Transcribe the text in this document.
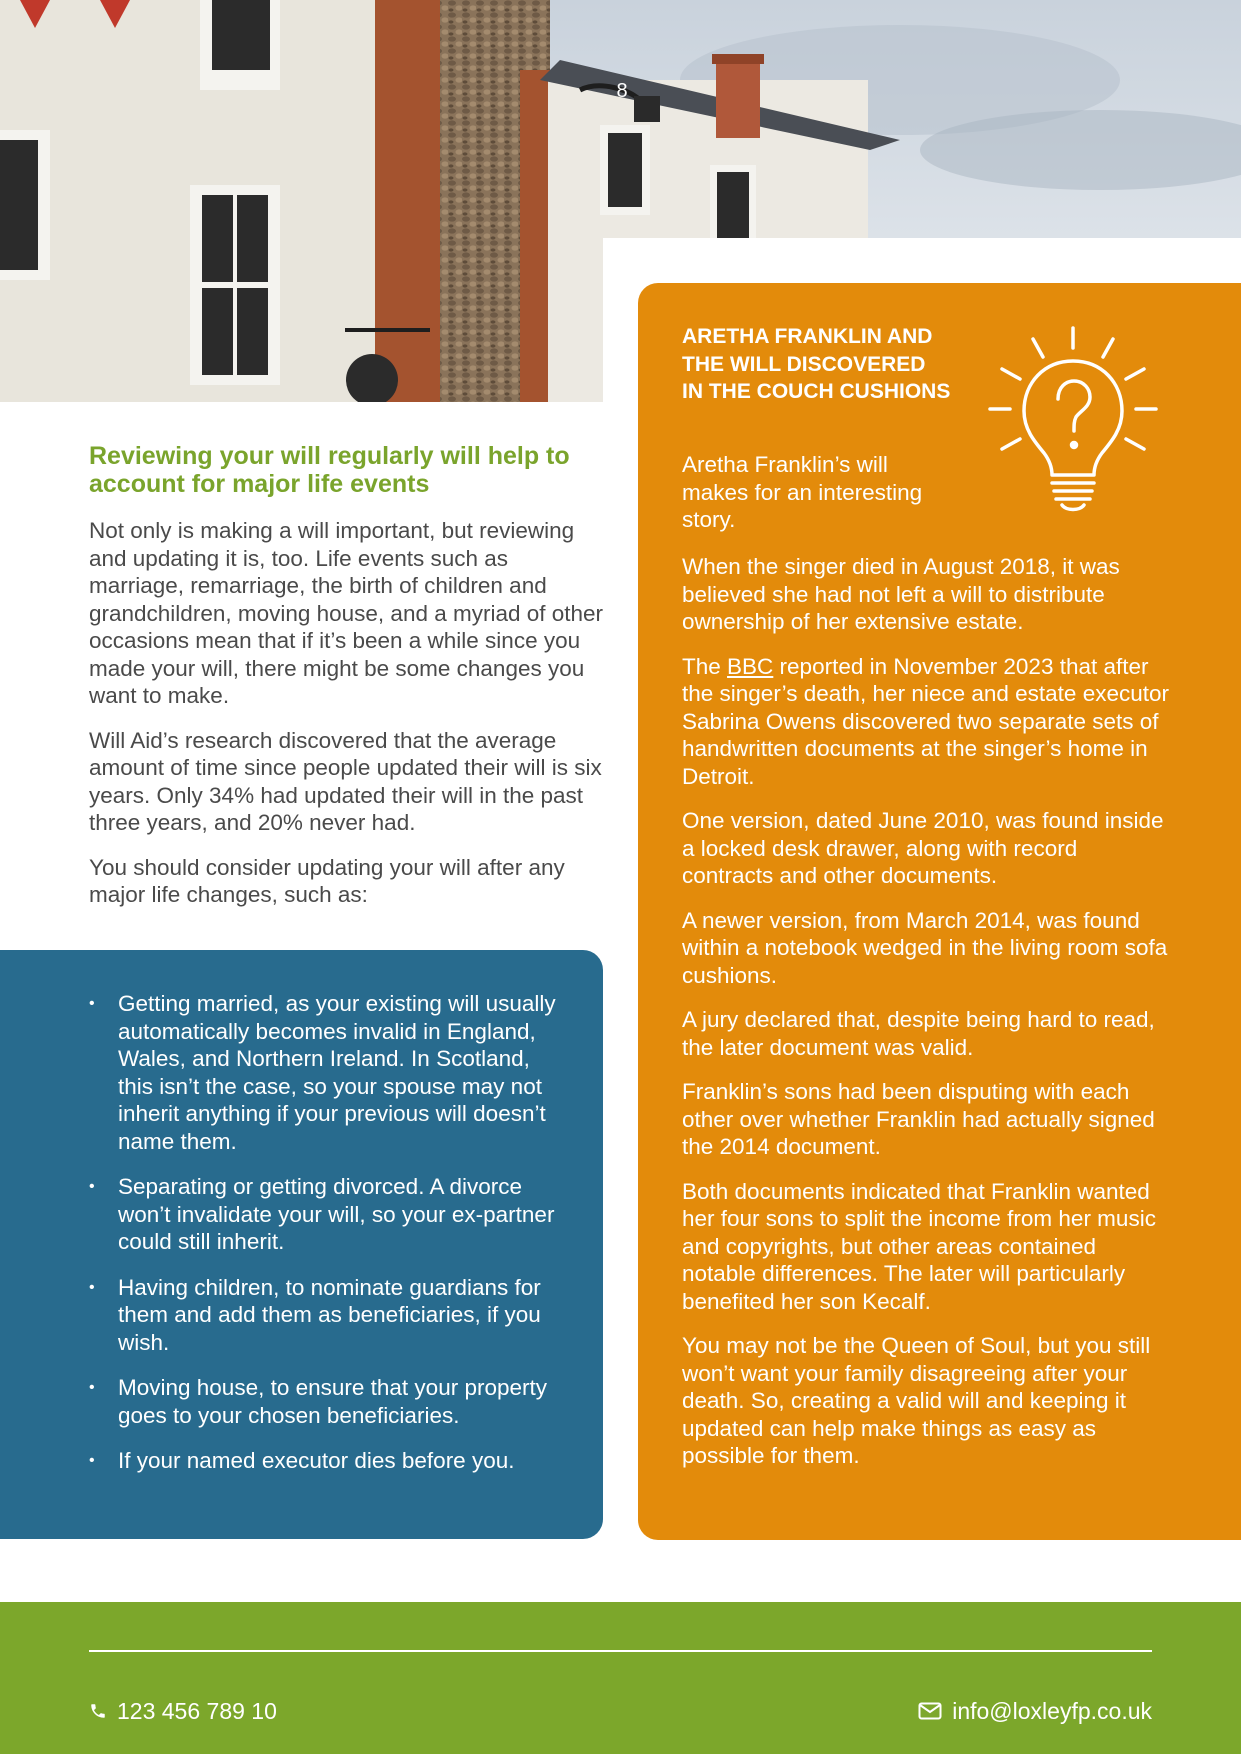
8
Reviewing your will regularly will help to account for major life events

Not only is making a will important, but reviewing and updating it is, too. Life events such as marriage, remarriage, the birth of children and grandchildren, moving house, and a myriad of other occasions mean that if it’s been a while since you made your will, there might be some changes you want to make.

Will Aid’s research discovered that the average amount of time since people updated their will is six years. Only 34% had updated their will in the past three years, and 20% never had.

You should consider updating your will after any major life changes, such as:

• Getting married, as your existing will usually automatically becomes invalid in England, Wales, and Northern Ireland. In Scotland, this isn’t the case, so your spouse may not inherit anything if your previous will doesn’t name them.
• Separating or getting divorced. A divorce won’t invalidate your will, so your ex-partner could still inherit.
• Having children, to nominate guardians for them and add them as beneficiaries, if you wish.
• Moving house, to ensure that your property goes to your chosen beneficiaries.
• If your named executor dies before you.
ARETHA FRANKLIN AND THE WILL DISCOVERED IN THE COUCH CUSHIONS

Aretha Franklin’s will makes for an interesting story.

When the singer died in August 2018, it was believed she had not left a will to distribute ownership of her extensive estate.

The BBC reported in November 2023 that after the singer’s death, her niece and estate executor Sabrina Owens discovered two separate sets of handwritten documents at the singer’s home in Detroit.

One version, dated June 2010, was found inside a locked desk drawer, along with record contracts and other documents.

A newer version, from March 2014, was found within a notebook wedged in the living room sofa cushions.

A jury declared that, despite being hard to read, the later document was valid.

Franklin’s sons had been disputing with each other over whether Franklin had actually signed the 2014 document.

Both documents indicated that Franklin wanted her four sons to split the income from her music and copyrights, but other areas contained notable differences. The later will particularly benefited her son Kecalf.

You may not be the Queen of Soul, but you still won’t want your family disagreeing after your death. So, creating a valid will and keeping it updated can help make things as easy as possible for them.

123 456 789 10	info@loxleyfp.co.uk
